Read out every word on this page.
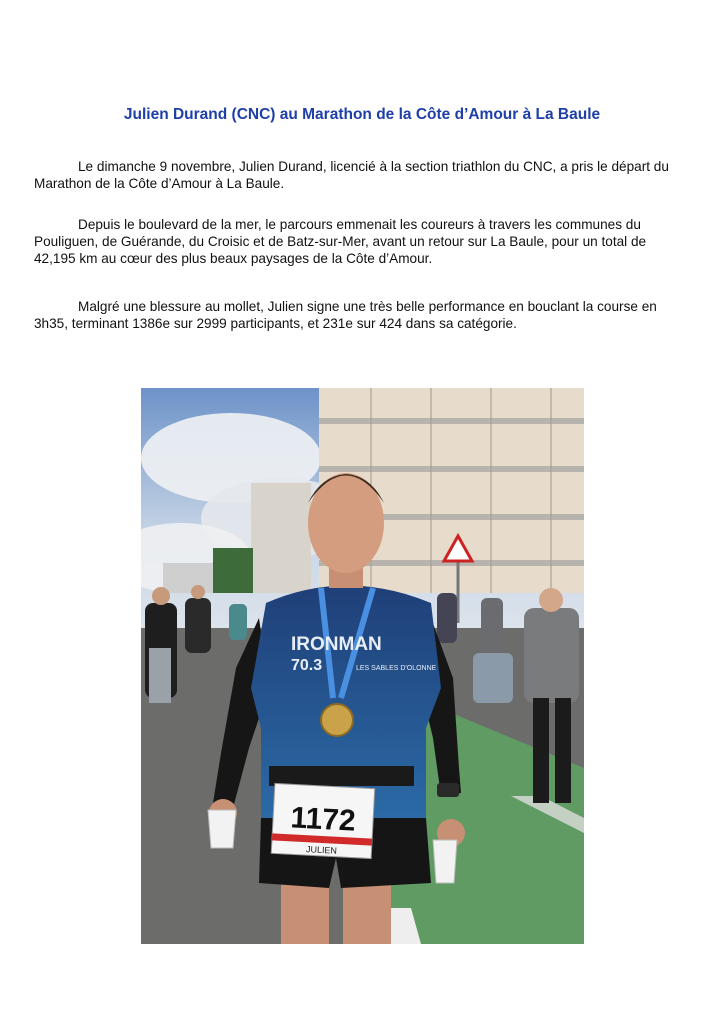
Julien Durand (CNC) au Marathon de la Côte d’Amour à La Baule

Le dimanche 9 novembre, Julien Durand, licencié à la section triathlon du CNC, a pris le départ du Marathon de la Côte d’Amour à La Baule.

Depuis le boulevard de la mer, le parcours emmenait les coureurs à travers les communes du Pouliguen, de Guérande, du Croisic et de Batz-sur-Mer, avant un retour sur La Baule, pour un total de 42,195 km au cœur des plus beaux paysages de la Côte d’Amour.

Malgré une blessure au mollet, Julien signe une très belle performance en bouclant la course en 3h35, terminant 1386e sur 2999 participants, et 231e sur 424 dans sa catégorie.

IRONMAN
70.3	LES SABLES D'OLONNE
1172
JULIEN
